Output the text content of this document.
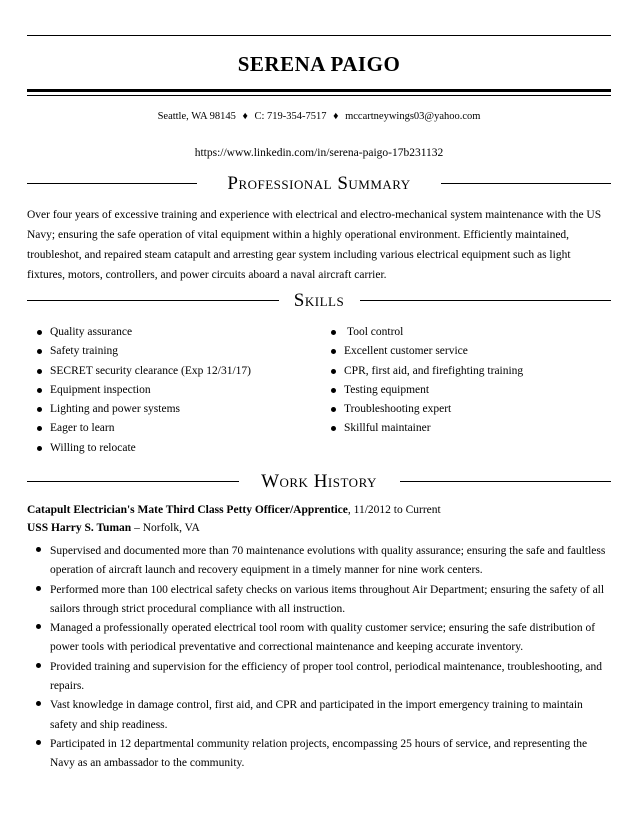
SERENA PAIGO
Seattle, WA 98145 ♦ C: 719-354-7517 ♦ mccartneywings03@yahoo.com
https://www.linkedin.com/in/serena-paigo-17b231132
Professional Summary
Over four years of excessive training and experience with electrical and electro-mechanical system maintenance with the US Navy; ensuring the safe operation of vital equipment within a highly operational environment. Efficiently maintained, troubleshot, and repaired steam catapult and arresting gear system including various electrical equipment such as light fixtures, motors, controllers, and power circuits aboard a naval aircraft carrier.
Skills
Quality assurance
Safety training
SECRET security clearance (Exp 12/31/17)
Equipment inspection
Lighting and power systems
Eager to learn
Willing to relocate
Tool control
Excellent customer service
CPR, first aid, and firefighting training
Testing equipment
Troubleshooting expert
Skillful maintainer
Work History
Catapult Electrician's Mate Third Class Petty Officer/Apprentice, 11/2012 to Current
USS Harry S. Tuman – Norfolk, VA
Supervised and documented more than 70 maintenance evolutions with quality assurance; ensuring the safe and faultless operation of aircraft launch and recovery equipment in a timely manner for nine work centers.
Performed more than 100 electrical safety checks on various items throughout Air Department; ensuring the safety of all sailors through strict procedural compliance with all instruction.
Managed a professionally operated electrical tool room with quality customer service; ensuring the safe distribution of power tools with periodical preventative and correctional maintenance and keeping accurate inventory.
Provided training and supervision for the efficiency of proper tool control, periodical maintenance, troubleshooting, and repairs.
Vast knowledge in damage control, first aid, and CPR and participated in the import emergency training to maintain safety and ship readiness.
Participated in 12 departmental community relation projects, encompassing 25 hours of service, and representing the Navy as an ambassador to the community.
